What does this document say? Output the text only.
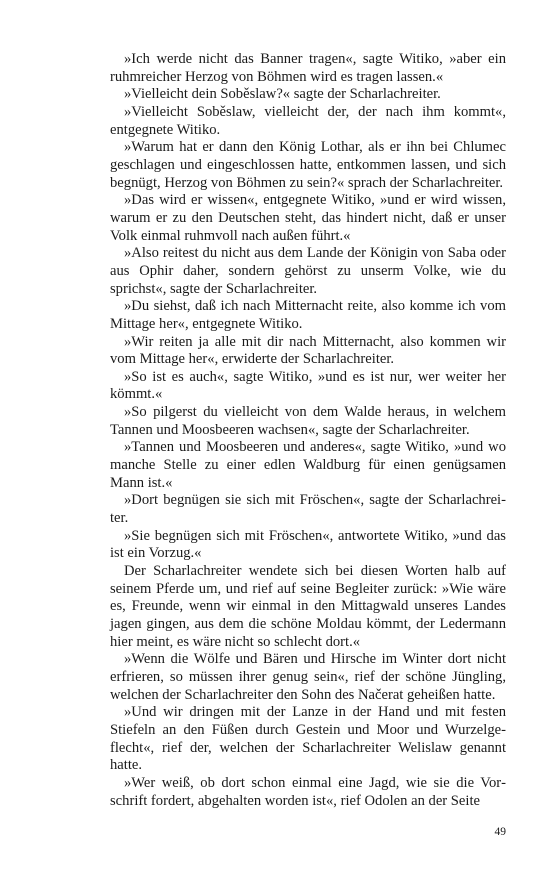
»Ich werde nicht das Banner tragen«, sagte Witiko, »aber ein ruhmreicher Herzog von Böhmen wird es tragen lassen.«

»Vielleicht dein Soběslaw?« sagte der Scharlachreiter.

»Vielleicht Soběslaw, vielleicht der, der nach ihm kommt«, entgegnete Witiko.

»Warum hat er dann den König Lothar, als er ihn bei Chlumec geschlagen und eingeschlossen hatte, entkommen lassen, und sich begnügt, Herzog von Böhmen zu sein?« sprach der Scharlachreiter.

»Das wird er wissen«, entgegnete Witiko, »und er wird wissen, warum er zu den Deutschen steht, das hindert nicht, daß er unser Volk einmal ruhmvoll nach außen führt.«

»Also reitest du nicht aus dem Lande der Königin von Saba oder aus Ophir daher, sondern gehörst zu unserm Volke, wie du sprichst«, sagte der Scharlachreiter.

»Du siehst, daß ich nach Mitternacht reite, also komme ich vom Mittage her«, entgegnete Witiko.

»Wir reiten ja alle mit dir nach Mitternacht, also kommen wir vom Mittage her«, erwiderte der Scharlachreiter.

»So ist es auch«, sagte Witiko, »und es ist nur, wer weiter her kömmt.«

»So pilgerst du vielleicht von dem Walde heraus, in welchem Tannen und Moosbeeren wachsen«, sagte der Scharlachreiter.

»Tannen und Moosbeeren und anderes«, sagte Witiko, »und wo manche Stelle zu einer edlen Waldburg für einen genügsamen Mann ist.«

»Dort begnügen sie sich mit Fröschen«, sagte der Scharlachreiter.

»Sie begnügen sich mit Fröschen«, antwortete Witiko, »und das ist ein Vorzug.«

Der Scharlachreiter wendete sich bei diesen Worten halb auf seinem Pferde um, und rief auf seine Begleiter zurück: »Wie wäre es, Freunde, wenn wir einmal in den Mittagwald unseres Landes jagen gingen, aus dem die schöne Moldau kömmt, der Ledermann hier meint, es wäre nicht so schlecht dort.«

»Wenn die Wölfe und Bären und Hirsche im Winter dort nicht erfrieren, so müssen ihrer genug sein«, rief der schöne Jüngling, welchen der Scharlachreiter den Sohn des Načerat geheißen hatte.

»Und wir dringen mit der Lanze in der Hand und mit festen Stiefeln an den Füßen durch Gestein und Moor und Wurzelgeflecht«, rief der, welchen der Scharlachreiter Welislaw genannt hatte.

»Wer weiß, ob dort schon einmal eine Jagd, wie sie die Vorschrift fordert, abgehalten worden ist«, rief Odolen an der Seite

49
